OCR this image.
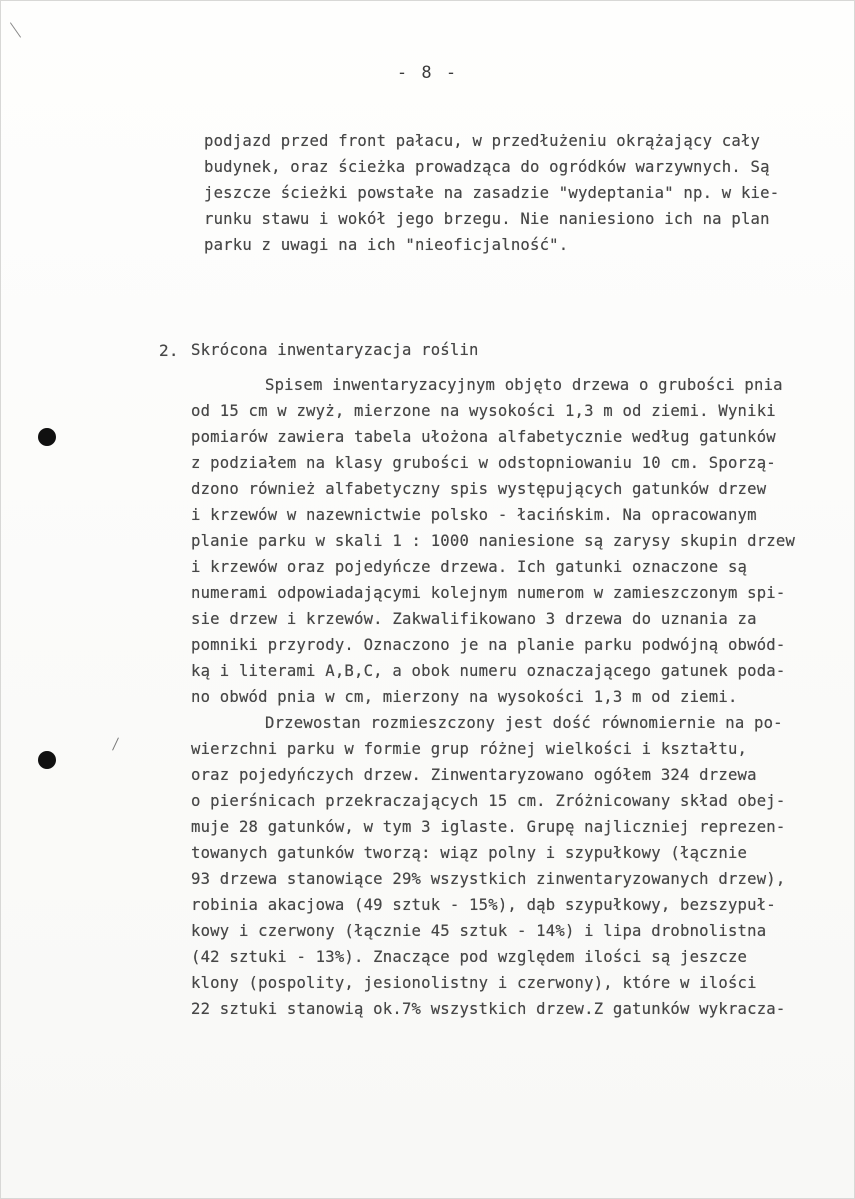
- 8 -
podjazd przed front pałacu, w przedłużeniu okrążający cały
budynek, oraz ścieżka prowadząca do ogródków warzywnych. Są
jeszcze ścieżki powstałe na zasadzie "wydeptania" np. w kie-
runku stawu i wokół jego brzegu. Nie naniesiono ich na plan
parku z uwagi na ich "nieoficjalność".
2. Skrócona inwentaryzacja roślin
Spisem inwentaryzacyjnym objęto drzewa o grubości pnia
od 15 cm w zwyż, mierzone na wysokości 1,3 m od ziemi. Wyniki
pomiarów zawiera tabela ułożona alfabetycznie według gatunków
z podziałem na klasy grubości w odstopniowaniu 10 cm. Sporzą-
dzono również alfabetyczny spis występujących gatunków drzew
i krzewów w nazewnictwie polsko - łacińskim. Na opracowanym
planie parku w skali 1 : 1000 naniesione są zarysy skupin drzew
i krzewów oraz pojedyńcze drzewa. Ich gatunki oznaczone są
numerami odpowiadającymi kolejnym numerom w zamieszczonym spi-
sie drzew i krzewów. Zakwalifikowano 3 drzewa do uznania za
pomniki przyrody. Oznaczono je na planie parku podwójną obwód-
ką i literami A,B,C, a obok numeru oznaczającego gatunek poda-
no obwód pnia w cm, mierzony na wysokości 1,3 m od ziemi.
Drzewostan rozmieszczony jest dość równomiernie na po-
wierzchni parku w formie grup różnej wielkości i kształtu,
oraz pojedyńczych drzew. Zinwentaryzowano ogółem 324 drzewa
o pierśnicach przekraczających 15 cm. Zróżnicowany skład obej-
muje 28 gatunków, w tym 3 iglaste. Grupę najliczniej reprezen-
towanych gatunków tworzą: wiąz polny i szypułkowy (łącznie
93 drzewa stanowiące 29% wszystkich zinwentaryzowanych drzew),
robinia akacjowa (49 sztuk - 15%), dąb szypułkowy, bezszypuł-
kowy i czerwony (łącznie 45 sztuk - 14%) i lipa drobnolistna
(42 sztuki - 13%). Znaczące pod względem ilości są jeszcze
klony (pospolity, jesionolistny i czerwony), które w ilości
22 sztuki stanowią ok.7% wszystkich drzew.Z gatunków wykracza-
